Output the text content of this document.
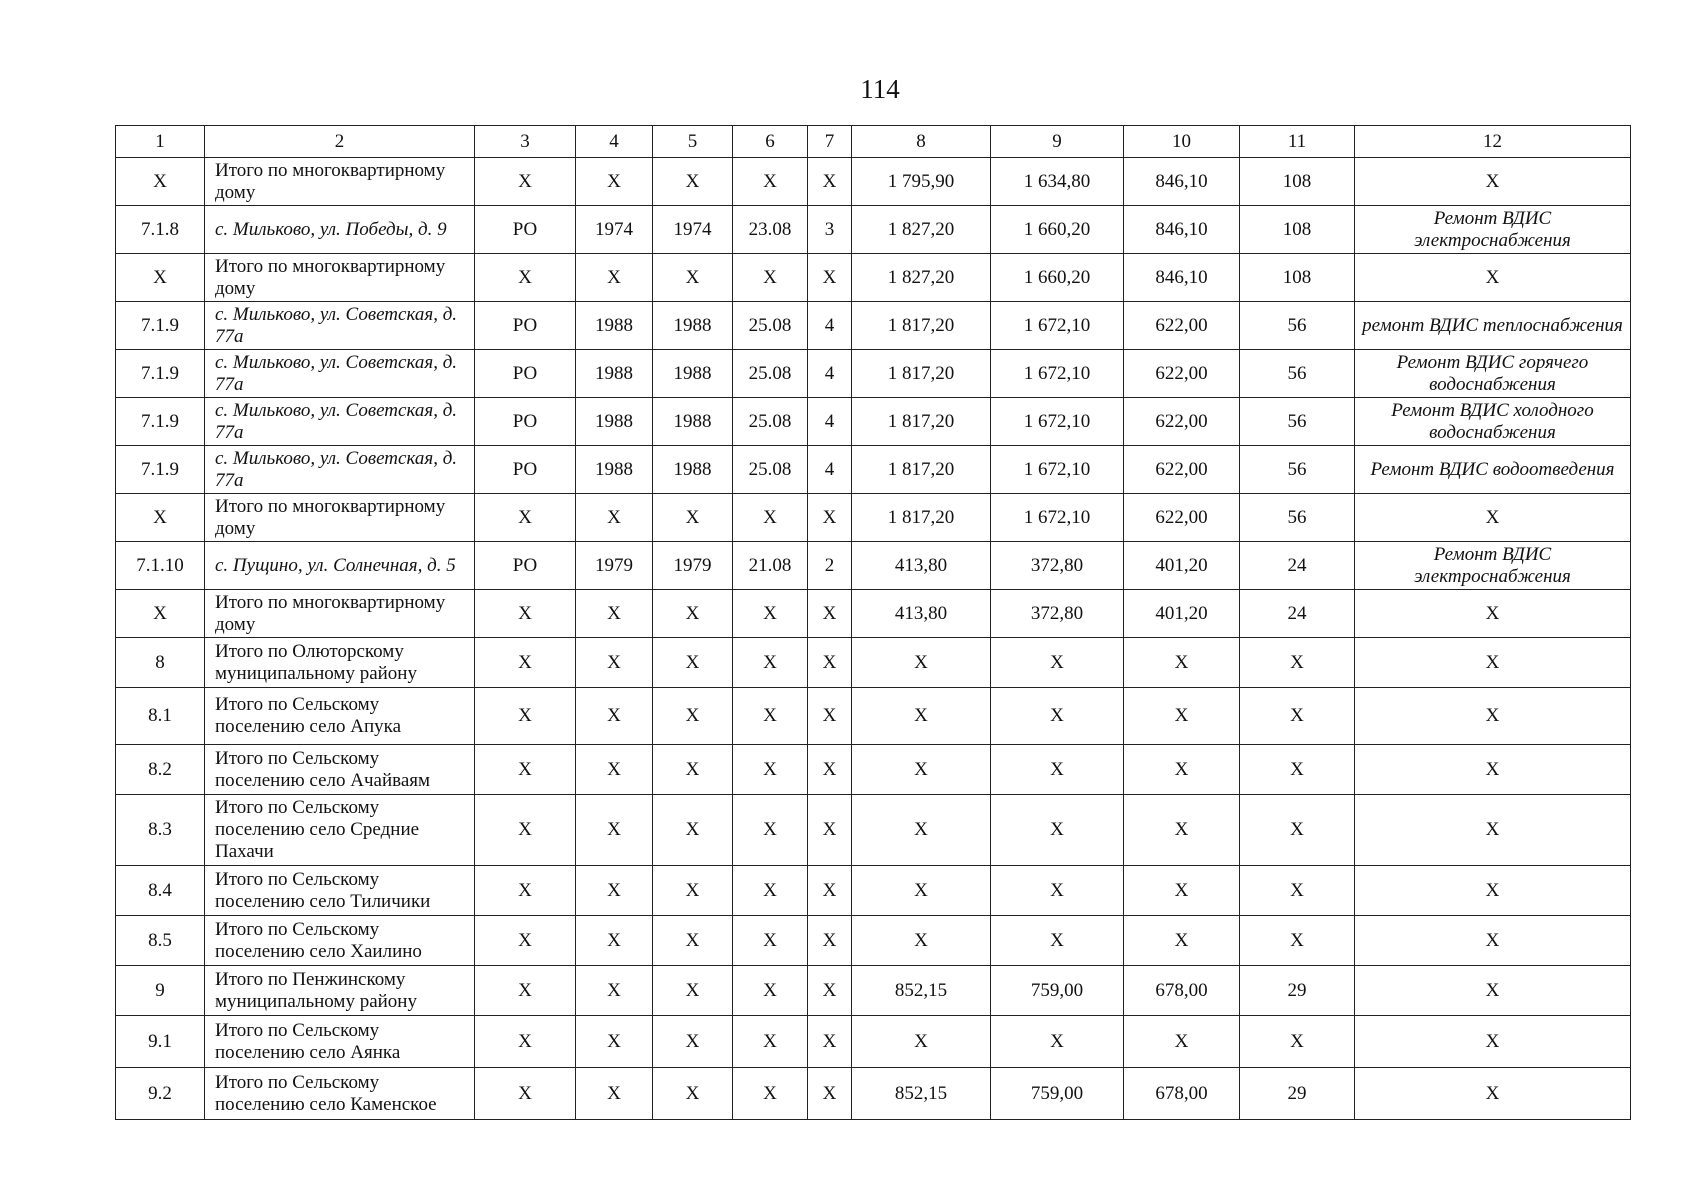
114
1	2	3	4	5	6	7	8	9	10	11	12
X	Итого по многоквартирному дому	X	X	X	X	X	1 795,90	1 634,80	846,10	108	X
7.1.8	с. Мильково, ул. Победы, д. 9	РО	1974	1974	23.08	3	1 827,20	1 660,20	846,10	108	Ремонт ВДИС электроснабжения
X	Итого по многоквартирному дому	X	X	X	X	X	1 827,20	1 660,20	846,10	108	X
7.1.9	с. Мильково, ул. Советская, д. 77а	РО	1988	1988	25.08	4	1 817,20	1 672,10	622,00	56	ремонт ВДИС теплоснабжения
7.1.9	с. Мильково, ул. Советская, д. 77а	РО	1988	1988	25.08	4	1 817,20	1 672,10	622,00	56	Ремонт ВДИС горячего водоснабжения
7.1.9	с. Мильково, ул. Советская, д. 77а	РО	1988	1988	25.08	4	1 817,20	1 672,10	622,00	56	Ремонт ВДИС холодного водоснабжения
7.1.9	с. Мильково, ул. Советская, д. 77а	РО	1988	1988	25.08	4	1 817,20	1 672,10	622,00	56	Ремонт ВДИС водоотведения
X	Итого по многоквартирному дому	X	X	X	X	X	1 817,20	1 672,10	622,00	56	X
7.1.10	с. Пущино, ул. Солнечная, д. 5	РО	1979	1979	21.08	2	413,80	372,80	401,20	24	Ремонт ВДИС электроснабжения
X	Итого по многоквартирному дому	X	X	X	X	X	413,80	372,80	401,20	24	X
8	Итого по Олюторскому муниципальному району	X	X	X	X	X	X	X	X	X	X
8.1	Итого по Сельскому поселению село Апука	X	X	X	X	X	X	X	X	X	X
8.2	Итого по Сельскому поселению село Ачайваям	X	X	X	X	X	X	X	X	X	X
8.3	Итого по Сельскому поселению село Средние Пахачи	X	X	X	X	X	X	X	X	X	X
8.4	Итого по Сельскому поселению село Тиличики	X	X	X	X	X	X	X	X	X	X
8.5	Итого по Сельскому поселению село Хаилино	X	X	X	X	X	X	X	X	X	X
9	Итого по Пенжинскому муниципальному району	X	X	X	X	X	852,15	759,00	678,00	29	X
9.1	Итого по Сельскому поселению село Аянка	X	X	X	X	X	X	X	X	X	X
9.2	Итого по Сельскому поселению село Каменское	X	X	X	X	X	852,15	759,00	678,00	29	X
